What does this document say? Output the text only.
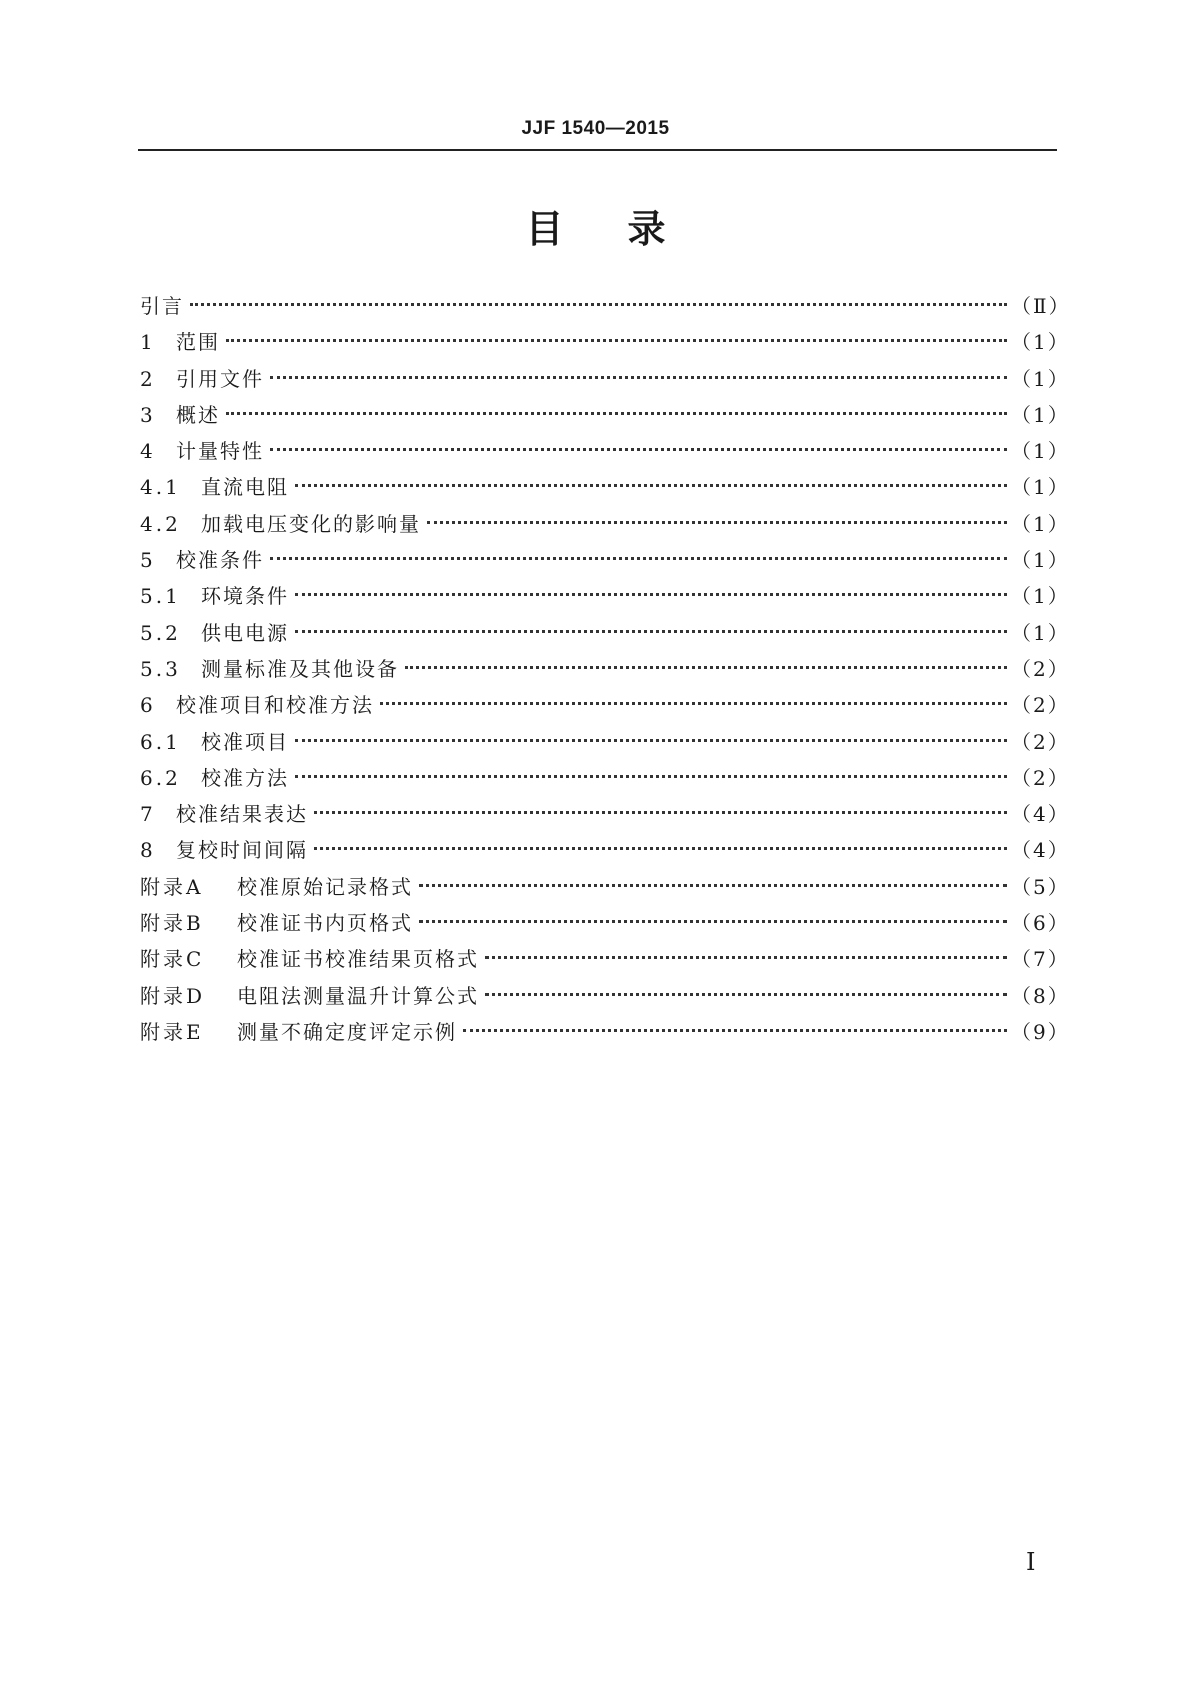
JJF 1540—2015
目录
引言	（Ⅱ）
1	范围	（1）
2	引用文件	（1）
3	概述	（1）
4	计量特性	（1）
4.1	直流电阻	（1）
4.2	加载电压变化的影响量	（1）
5	校准条件	（1）
5.1	环境条件	（1）
5.2	供电电源	（1）
5.3	测量标准及其他设备	（2）
6	校准项目和校准方法	（2）
6.1	校准项目	（2）
6.2	校准方法	（2）
7	校准结果表达	（4）
8	复校时间间隔	（4）
附录A	校准原始记录格式	（5）
附录B	校准证书内页格式	（6）
附录C	校准证书校准结果页格式	（7）
附录D	电阻法测量温升计算公式	（8）
附录E	测量不确定度评定示例	（9）
Ⅰ
